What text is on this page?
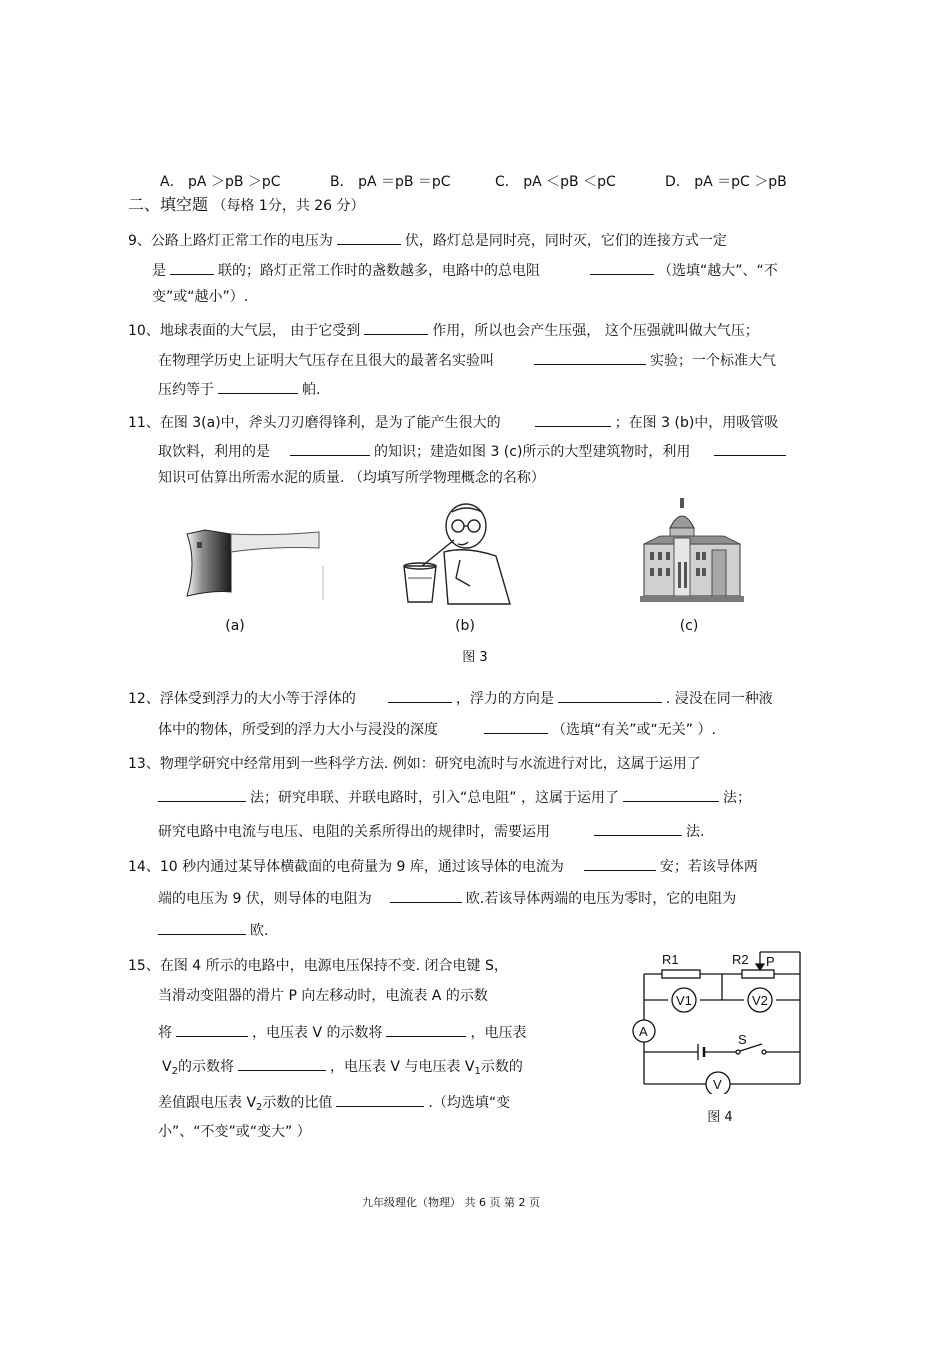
A． pA ＞pB ＞pC	B． pA ＝pB ＝pC	C． pA ＜pB ＜pC	D． pA ＝pC ＞pB
二、填空题 （每格 1分，共 26 分）
9、公路上路灯正常工作的电压为	伏，路灯总是同时亮，同时灭，它们的连接方式一定
是	联的；路灯正常工作时的盏数越多，电路中的总电阻	（选填“越大”、“不
变”或“越小”）.
10、地球表面的大气层， 由于它受到	作用，所以也会产生压强， 这个压强就叫做大气压；
在物理学历史上证明大气压存在且很大的最著名实验叫	实验；一个标准大气
压约等于	帕.
11、在图 3(a)中，斧头刀刃磨得锋利，是为了能产生很大的	；在图 3 (b)中，用吸管吸
取饮料，利用的是	的知识；建造如图 3 (c)所示的大型建筑物时，利用
知识可估算出所需水泥的质量. （均填写所学物理概念的名称）
(a)	(b)	(c)
图 3
12、浮体受到浮力的大小等于浮体的	，浮力的方向是	. 浸没在同一种液
体中的物体，所受到的浮力大小与浸没的深度	（选填“有关”或“无关” ）.
13、物理学研究中经常用到一些科学方法. 例如：研究电流时与水流进行对比，这属于运用了
法；研究串联、并联电路时，引入“总电阻” ，这属于运用了	法；
研究电路中电流与电压、电阻的关系所得出的规律时，需要运用	法.
14、10 秒内通过某导体横截面的电荷量为 9 库，通过该导体的电流为	安；若该导体两
端的电压为 9 伏，则导体的电阻为	欧.若该导体两端的电压为零时，它的电阻为
欧.
15、在图 4 所示的电路中，电源电压保持不变. 闭合电键 S，
当滑动变阻器的滑片 P 向左移动时，电流表 A 的示数
将	，电压表 V 的示数将	，电压表
$V_2$的示数将	，电压表 V 与电压表 $V_1$示数的
差值跟电压表 $V_2$示数的比值	.（均选填“变
小”、“不变”或“变大” ）
R1	R2 P
V1	V2
A
S
V
图 4
九年级理化（物理） 共 6 页 第 2 页
